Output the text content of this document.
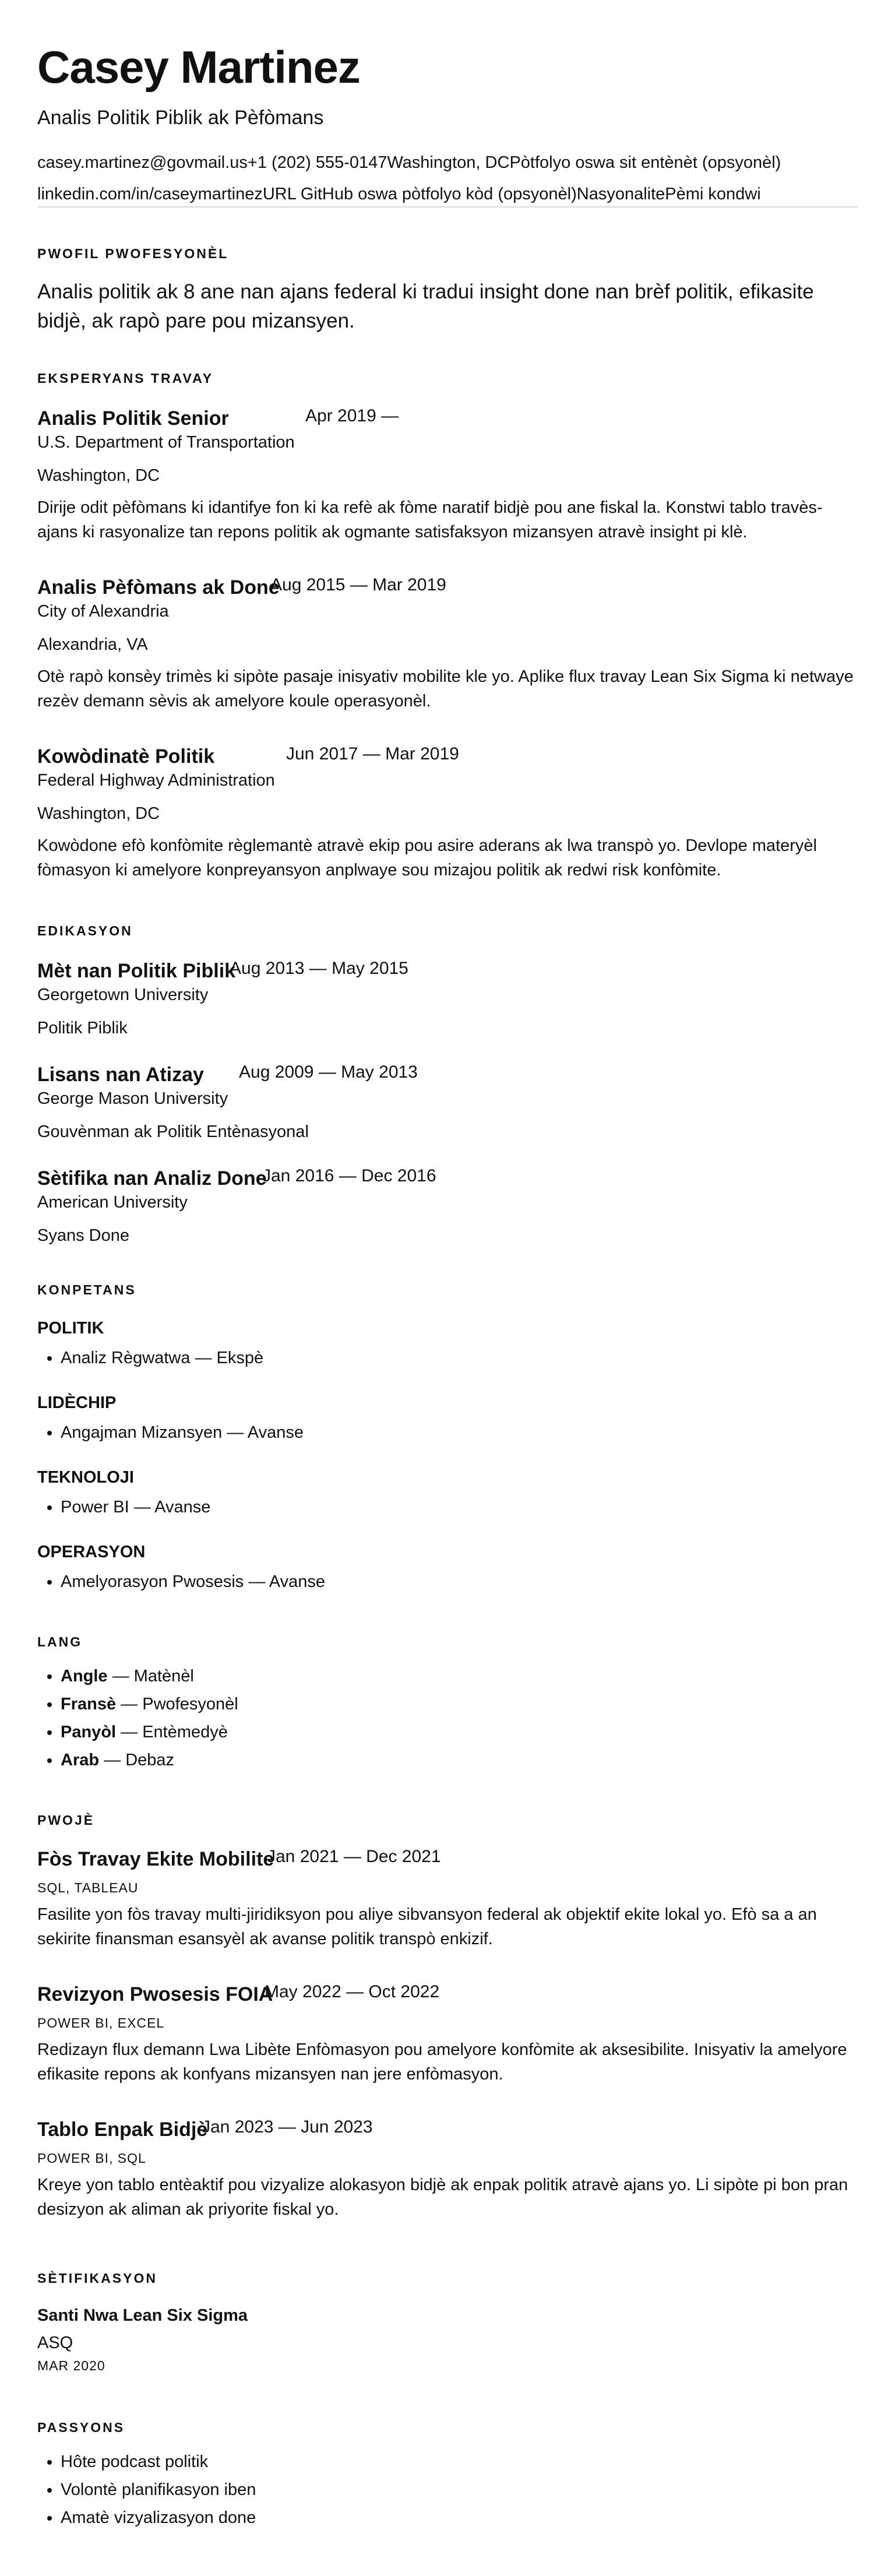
Casey Martinez
Analis Politik Piblik ak Pèfòmans
casey.martinez@govmail.us+1 (202) 555-0147Washington, DCPòtfolyo oswa sit entènèt (opsyonèl)
linkedin.com/in/caseymartinezURL GitHub oswa pòtfolyo kòd (opsyonèl)NasyonalitePèmi kondwi
PWOFIL PWOFESYONÈL
Analis politik ak 8 ane nan ajans federal ki tradui insight done nan brèf politik, efikasite bidjè, ak rapò pare pou mizansyen.
EKSPERYANS TRAVAY
Analis Politik Senior	Apr 2019 —
U.S. Department of Transportation
Washington, DC
Dirije odit pèfòmans ki idantifye fon ki ka refè ak fòme naratif bidjè pou ane fiskal la. Konstwi tablo travès-ajans ki rasyonalize tan repons politik ak ogmante satisfaksyon mizansyen atravè insight pi klè.
Analis Pèfòmans ak Done
Aug 2015 — Mar 2019
City of Alexandria
Alexandria, VA
Otè rapò konsèy trimès ki sipòte pasaje inisyativ mobilite kle yo. Aplike flux travay Lean Six Sigma ki netwaye rezèv demann sèvis ak amelyore koule operasyonèl.
Kowòdinatè Politik	Jun 2017 — Mar 2019
Federal Highway Administration
Washington, DC
Kowòdone efò konfòmite règlemantè atravè ekip pou asire aderans ak lwa transpò yo. Devlope materyèl fòmasyon ki amelyore konpreyansyon anplwaye sou mizajou politik ak redwi risk konfòmite.
EDIKASYON
Mèt nan Politik Piblik
Aug 2013 — May 2015
Georgetown University
Politik Piblik
Lisans nan Atizay Aug 2009 — May 2013
George Mason University
Gouvènman ak Politik Entènasyonal
Sètifika nan Analiz Done
Jan 2016 — Dec 2016
American University
Syans Done
KONPETANS
POLITIK
• Analiz Règwatwa — Ekspè
LIDÈCHIP
• Angajman Mizansyen — Avanse
TEKNOLOJI
• Power BI — Avanse
OPERASYON
• Amelyorasyon Pwosesis — Avanse
LANG
• Angle — Matènèl
• Fransè — Pwofesyonèl
• Panyòl — Entèmedyè
• Arab — Debaz
PWOJÈ
Fòs Travay Ekite Mobilite
Jan 2021 — Dec 2021
SQL, TABLEAU
Fasilite yon fòs travay multi-jiridiksyon pou aliye sibvansyon federal ak objektif ekite lokal yo. Efò sa a an sekirite finansman esansyèl ak avanse politik transpò enkizif.
Revizyon Pwosesis FOIA
May 2022 — Oct 2022
POWER BI, EXCEL
Redizayn flux demann Lwa Libète Enfòmasyon pou amelyore konfòmite ak aksesibilite. Inisyativ la amelyore efikasite repons ak konfyans mizansyen nan jere enfòmasyon.
Tablo Enpak Bidjè
Jan 2023 — Jun 2023
POWER BI, SQL
Kreye yon tablo entèaktif pou vizyalize alokasyon bidjè ak enpak politik atravè ajans yo. Li sipòte pi bon pran desizyon ak aliman ak priyorite fiskal yo.
SÈTIFIKASYON
Santi Nwa Lean Six Sigma
ASQ
MAR 2020
PASSYONS
• Hôte podcast politik
• Volontè planifikasyon iben
• Amatè vizyalizasyon done
